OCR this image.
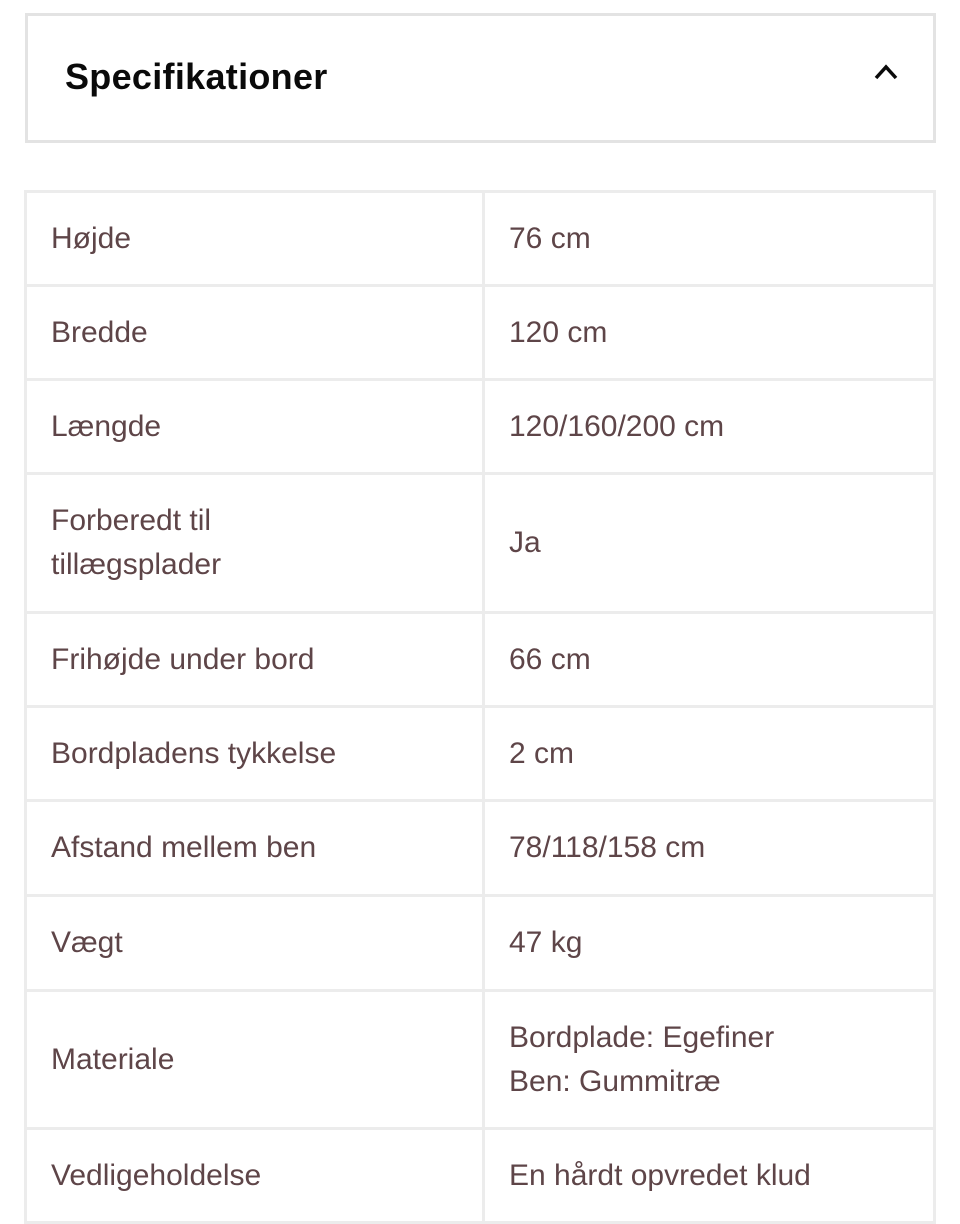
Specifikationer
Højde	76 cm

Bredde	120 cm

Længde	120/160/200 cm

Forberedt til tillægsplader	Ja

Frihøjde under bord	66 cm

Bordpladens tykkelse	2 cm

Afstand mellem ben	78/118/158 cm

Vægt	47 kg

Materiale	Bordplade: Egefiner
Ben: Gummitræ

Vedligeholdelse	En hårdt opvredet klud
